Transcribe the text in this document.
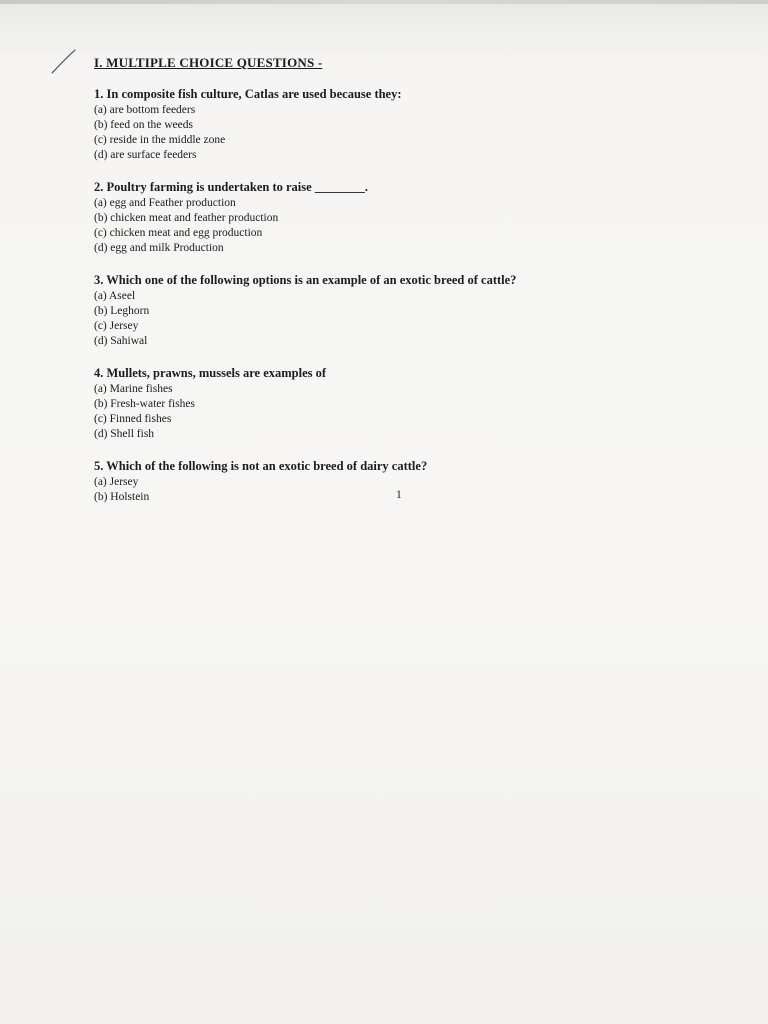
I. MULTIPLE CHOICE QUESTIONS -
1. In composite fish culture, Catlas are used because they:
(a) are bottom feeders
(b) feed on the weeds
(c) reside in the middle zone
(d) are surface feeders
2. Poultry farming is undertaken to raise ________.
(a) egg and Feather production
(b) chicken meat and feather production
(c) chicken meat and egg production
(d) egg and milk Production
3. Which one of the following options is an example of an exotic breed of cattle?
(a) Aseel
(b) Leghorn
(c) Jersey
(d) Sahiwal
4. Mullets, prawns, mussels are examples of
(a) Marine fishes
(b) Fresh-water fishes
(c) Finned fishes
(d) Shell fish
5. Which of the following is not an exotic breed of dairy cattle?
(a) Jersey
(b) Holstein	1
